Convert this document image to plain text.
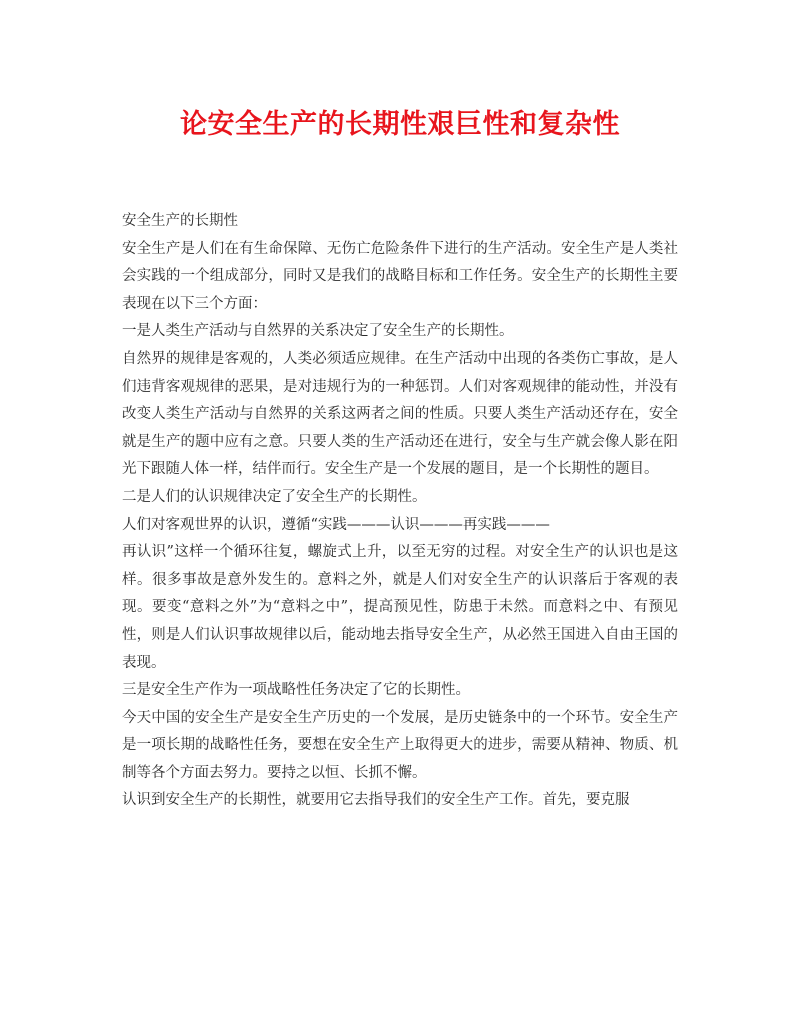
论安全生产的长期性艰巨性和复杂性

安全生产的长期性

安全生产是人们在有生命保障、无伤亡危险条件下进行的生产活动。安全生产是人类社会实践的一个组成部分，同时又是我们的战略目标和工作任务。安全生产的长期性主要表现在以下三个方面：

一是人类生产活动与自然界的关系决定了安全生产的长期性。

自然界的规律是客观的，人类必须适应规律。在生产活动中出现的各类伤亡事故，是人们违背客观规律的恶果，是对违规行为的一种惩罚。人们对客观规律的能动性，并没有改变人类生产活动与自然界的关系这两者之间的性质。只要人类生产活动还存在，安全就是生产的题中应有之意。只要人类的生产活动还在进行，安全与生产就会像人影在阳光下跟随人体一样，结伴而行。安全生产是一个发展的题目，是一个长期性的题目。

二是人们的认识规律决定了安全生产的长期性。

人们对客观世界的认识，遵循“实践———认识———再实践———

再认识”这样一个循环往复，螺旋式上升，以至无穷的过程。对安全生产的认识也是这样。很多事故是意外发生的。意料之外，就是人们对安全生产的认识落后于客观的表现。要变“意料之外”为“意料之中”，提高预见性，防患于未然。而意料之中、有预见性，则是人们认识事故规律以后，能动地去指导安全生产，从必然王国进入自由王国的表现。

三是安全生产作为一项战略性任务决定了它的长期性。

今天中国的安全生产是安全生产历史的一个发展，是历史链条中的一个环节。安全生产是一项长期的战略性任务，要想在安全生产上取得更大的进步，需要从精神、物质、机制等各个方面去努力。要持之以恒、长抓不懈。

认识到安全生产的长期性，就要用它去指导我们的安全生产工作。首先，要克服
